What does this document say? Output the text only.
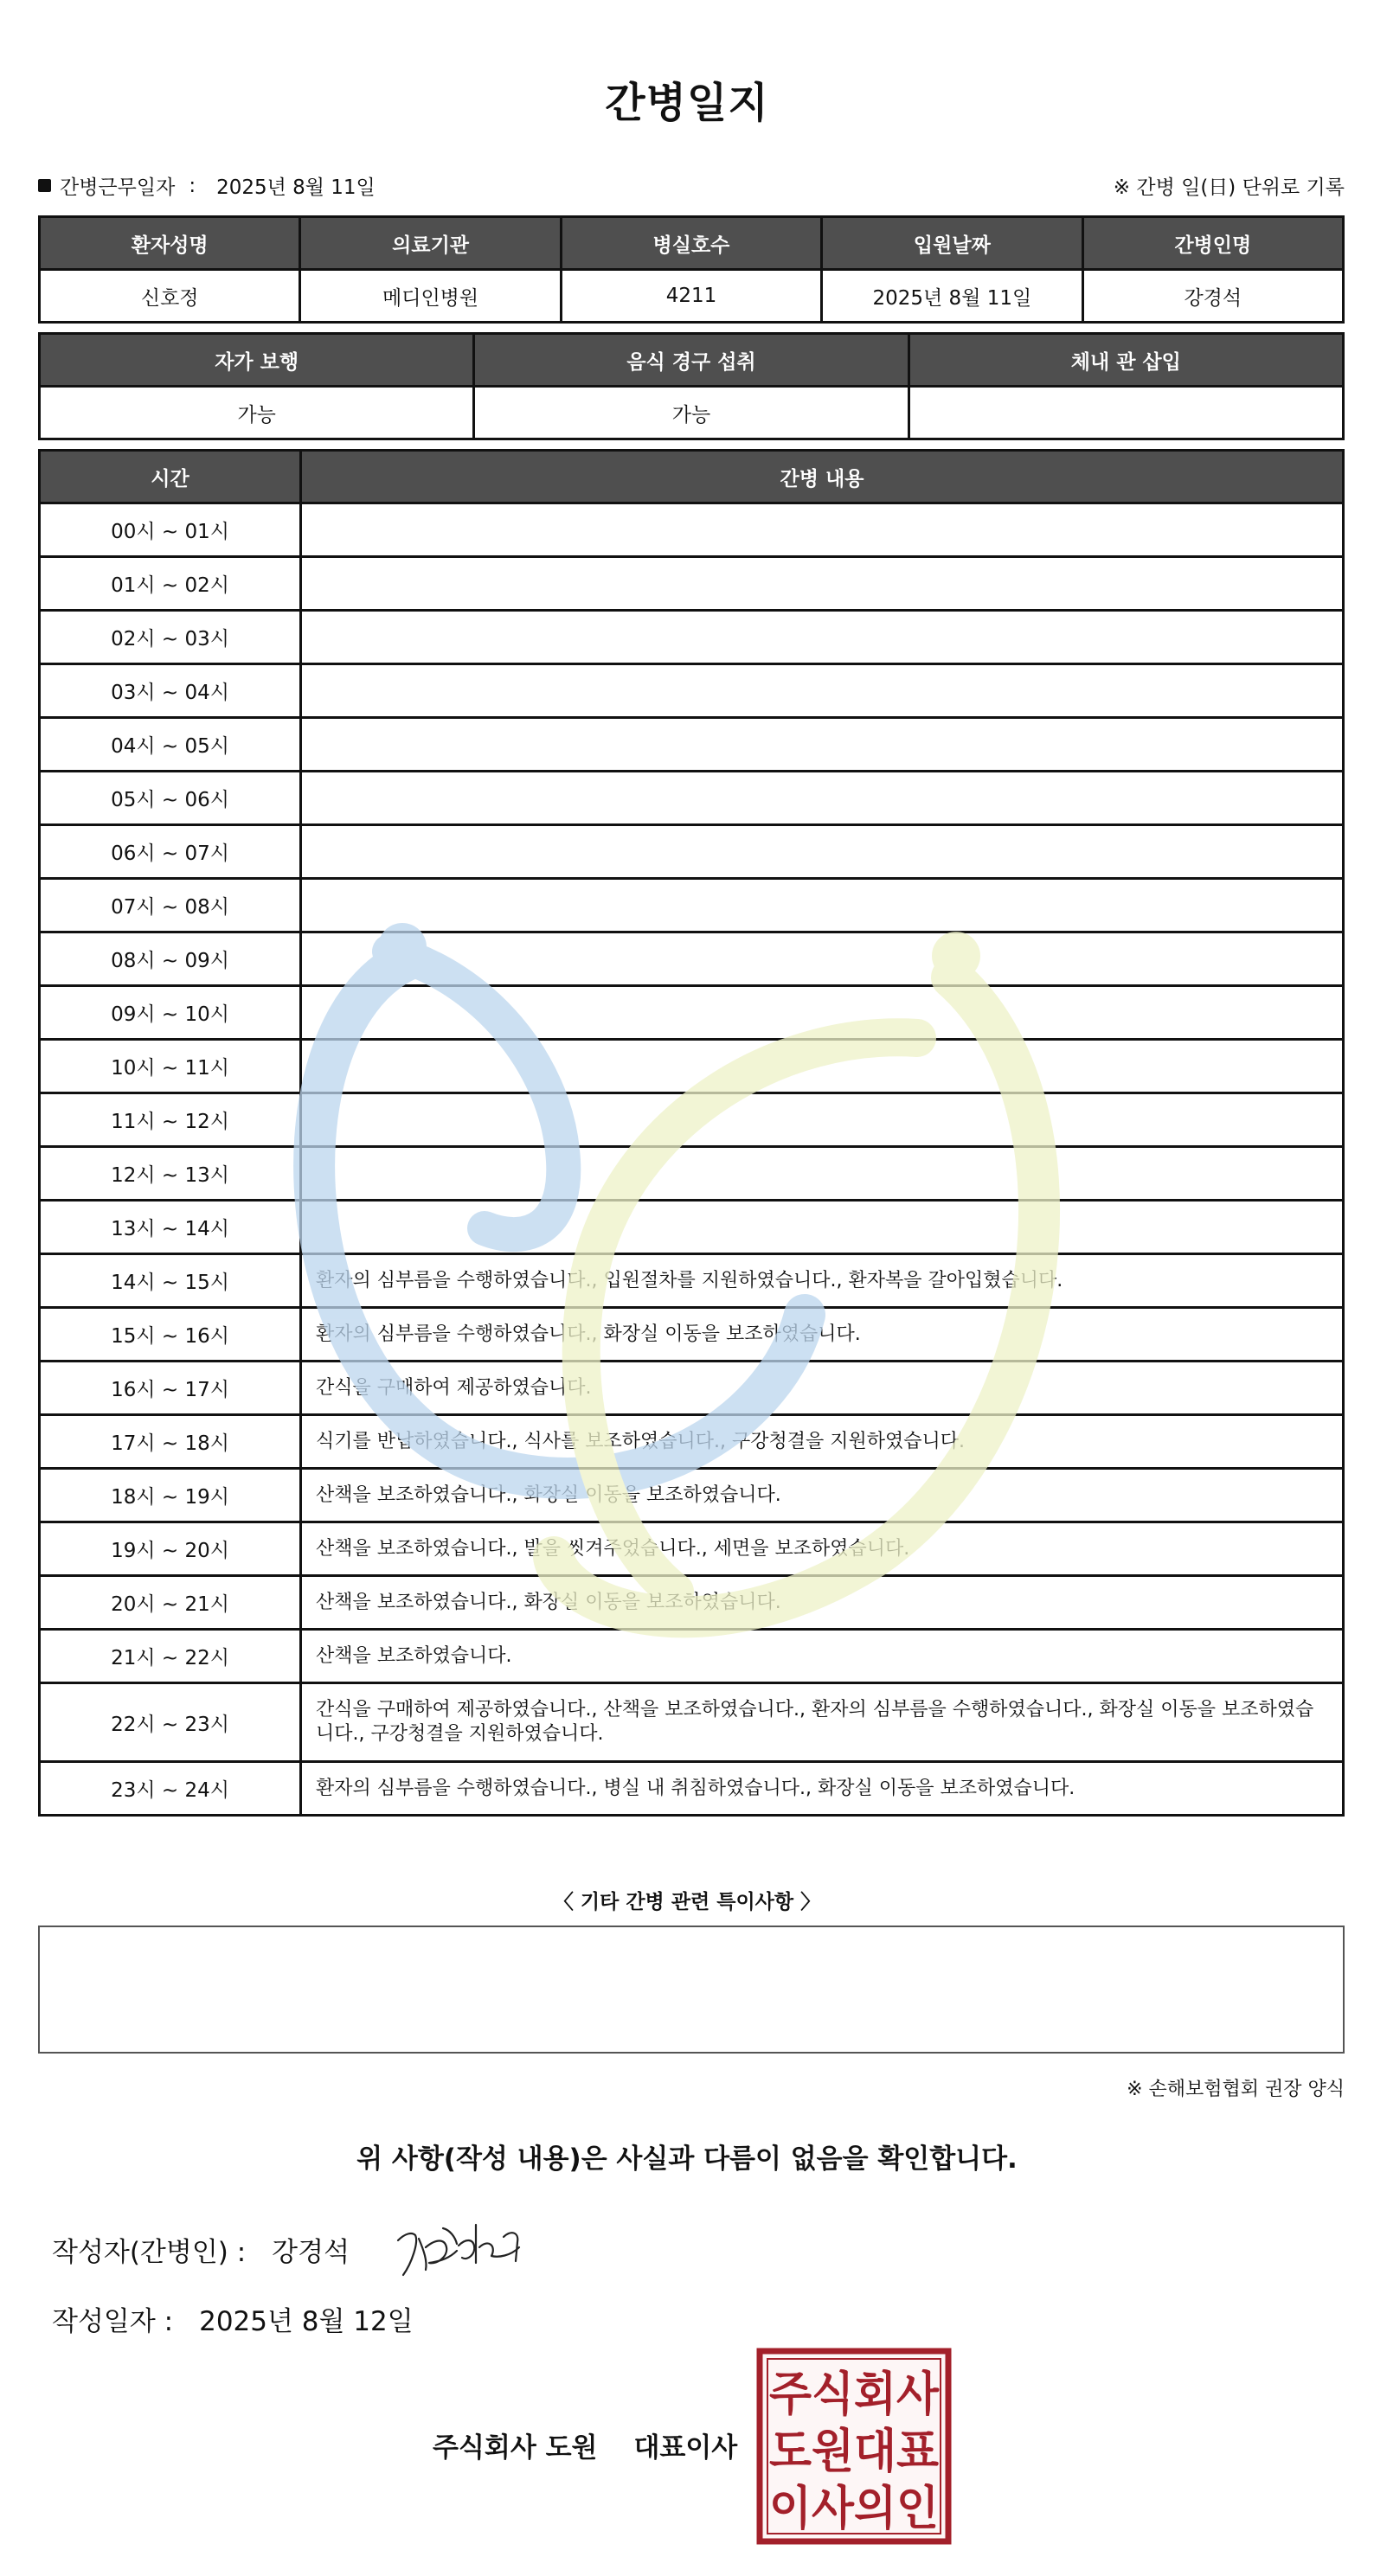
간병일지
간병근무일자 : 2025년 8월 11일	※ 간병 일(日) 단위로 기록
환자성명	의료기관	병실호수	입원날짜	간병인명
신호정	메디인병원	4211	2025년 8월 11일	강경석
자가 보행	음식 경구 섭취	체내 관 삽입
가능	가능	
시간	간병 내용
00시 ~ 01시	
01시 ~ 02시	
02시 ~ 03시	
03시 ~ 04시	
04시 ~ 05시	
05시 ~ 06시	
06시 ~ 07시	
07시 ~ 08시	
08시 ~ 09시	
09시 ~ 10시	
10시 ~ 11시	
11시 ~ 12시	
12시 ~ 13시	
13시 ~ 14시	
14시 ~ 15시	환자의 심부름을 수행하였습니다., 입원절차를 지원하였습니다., 환자복을 갈아입혔습니다.
15시 ~ 16시	환자의 심부름을 수행하였습니다., 화장실 이동을 보조하였습니다.
16시 ~ 17시	간식을 구매하여 제공하였습니다.
17시 ~ 18시	식기를 반납하였습니다., 식사를 보조하였습니다., 구강청결을 지원하였습니다.
18시 ~ 19시	산책을 보조하였습니다., 화장실 이동을 보조하였습니다.
19시 ~ 20시	산책을 보조하였습니다., 발을 씻겨주었습니다., 세면을 보조하였습니다.
20시 ~ 21시	산책을 보조하였습니다., 화장실 이동을 보조하였습니다.
21시 ~ 22시	산책을 보조하였습니다.
22시 ~ 23시	간식을 구매하여 제공하였습니다., 산책을 보조하였습니다., 환자의 심부름을 수행하였습니다., 화장실 이동을 보조하였습니다., 구강청결을 지원하였습니다.
23시 ~ 24시	환자의 심부름을 수행하였습니다., 병실 내 취침하였습니다., 화장실 이동을 보조하였습니다.
〈 기타 간병 관련 특이사항 〉
※ 손해보험협회 권장 양식
위 사항(작성 내용)은 사실과 다름이 없음을 확인합니다.
작성자(간병인) : 강경석
작성일자 : 2025년 8월 12일
주식회사 도원 대표이사
주식회사
도원대표
이사의인
